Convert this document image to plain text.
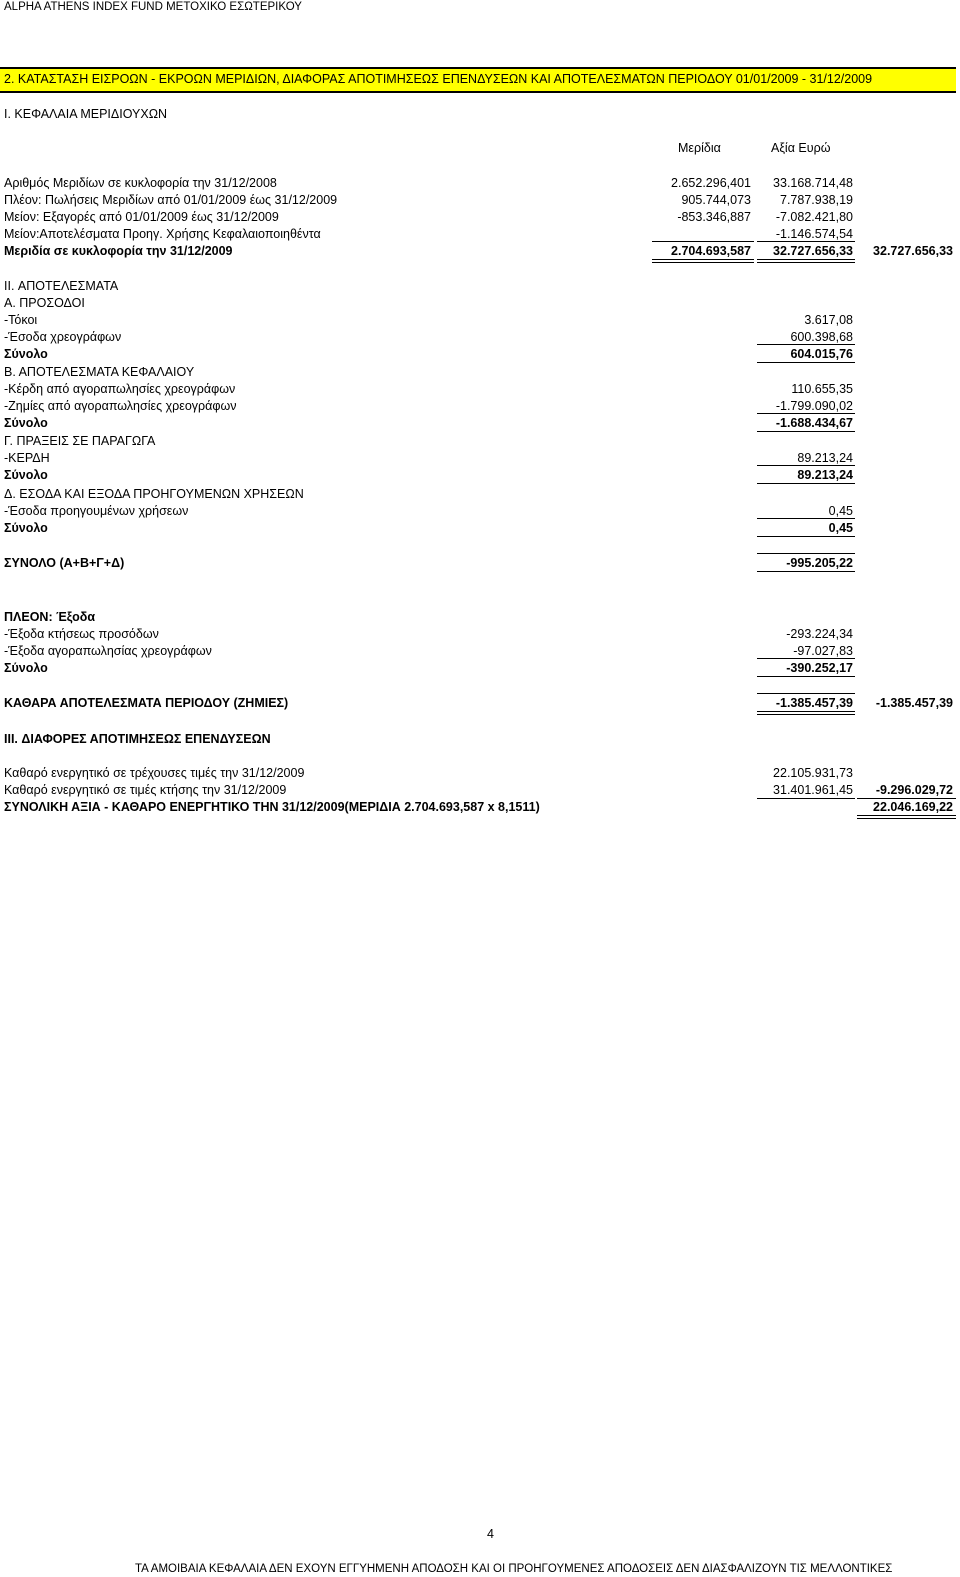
ALPHA ATHENS INDEX FUND ΜΕΤΟΧΙΚΟ ΕΣΩΤΕΡΙΚΟΥ
2. ΚΑΤΑΣΤΑΣΗ ΕΙΣΡΟΩΝ - ΕΚΡΟΩΝ ΜΕΡΙΔΙΩΝ, ΔΙΑΦΟΡΑΣ ΑΠΟΤΙΜΗΣΕΩΣ ΕΠΕΝΔΥΣΕΩΝ ΚΑΙ ΑΠΟΤΕΛΕΣΜΑΤΩΝ ΠΕΡΙΟΔΟΥ 01/01/2009 - 31/12/2009
I. ΚΕΦΑΛΑΙΑ ΜΕΡΙΔΙΟΥΧΩΝ
Μερίδια	Αξία Ευρώ
Αριθμός Μεριδίων σε κυκλοφορία την 31/12/2008	2.652.296,401 33.168.714,48
Πλέον: Πωλήσεις Μεριδίων από 01/01/2009 έως 31/12/2009	905.744,073 7.787.938,19
Μείον: Εξαγορές από 01/01/2009 έως 31/12/2009	-853.346,887 -7.082.421,80
Μείον:Αποτελέσματα Προηγ. Χρήσης Κεφαλαιοποιηθέντα	-1.146.574,54
Μεριδία σε κυκλοφορία την 31/12/2009	2.704.693,587 32.727.656,33 32.727.656,33
II. ΑΠΟΤΕΛΕΣΜΑΤΑ
Α. ΠΡΟΣΟΔΟΙ
-Τόκοι	3.617,08
-Έσοδα χρεογράφων	600.398,68
Σύνολο	604.015,76
Β. ΑΠΟΤΕΛΕΣΜΑΤΑ ΚΕΦΑΛΑΙΟΥ
-Κέρδη από αγοραπωλησίες χρεογράφων	110.655,35
-Ζημίες από αγοραπωλησίες χρεογράφων	-1.799.090,02
Σύνολο	-1.688.434,67
Γ. ΠΡΑΞΕΙΣ ΣΕ ΠΑΡΑΓΩΓΑ
-ΚΕΡΔΗ	89.213,24
Σύνολο	89.213,24
Δ. ΕΣΟΔΑ ΚΑΙ ΕΞΟΔΑ ΠΡΟΗΓΟΥΜΕΝΩΝ ΧΡΗΣΕΩΝ
-Έσοδα προηγουμένων χρήσεων	0,45
Σύνολο	0,45
ΣΥΝΟΛΟ (Α+Β+Γ+Δ)	-995.205,22
ΠΛΕΟΝ: Έξοδα
-Έξοδα κτήσεως προσόδων	-293.224,34
-Έξοδα αγοραπωλησίας χρεογράφων	-97.027,83
Σύνολο	-390.252,17
ΚΑΘΑΡΑ ΑΠΟΤΕΛΕΣΜΑΤΑ ΠΕΡΙΟΔΟΥ (ΖΗΜΙΕΣ)	-1.385.457,39 -1.385.457,39
III. ΔΙΑΦΟΡΕΣ ΑΠΟΤΙΜΗΣΕΩΣ ΕΠΕΝΔΥΣΕΩΝ
Καθαρό ενεργητικό σε τρέχουσες τιμές την 31/12/2009	22.105.931,73
Καθαρό ενεργητικό σε τιμές κτήσης την 31/12/2009	31.401.961,45 -9.296.029,72
ΣΥΝΟΛΙΚΗ ΑΞΙΑ - ΚΑΘΑΡΟ ΕΝΕΡΓΗΤΙΚΟ ΤΗΝ 31/12/2009(ΜΕΡΙΔΙΑ 2.704.693,587 x 8,1511)	22.046.169,22
4
ΤΑ ΑΜΟΙΒΑΙΑ ΚΕΦΑΛΑΙΑ ΔΕΝ ΕΧΟΥΝ ΕΓΓΥΗΜΕΝΗ ΑΠΟΔΟΣΗ ΚΑΙ ΟΙ ΠΡΟΗΓΟΥΜΕΝΕΣ ΑΠΟΔΟΣΕΙΣ ΔΕΝ ΔΙΑΣΦΑΛΙΖΟΥΝ ΤΙΣ ΜΕΛΛΟΝΤΙΚΕΣ
